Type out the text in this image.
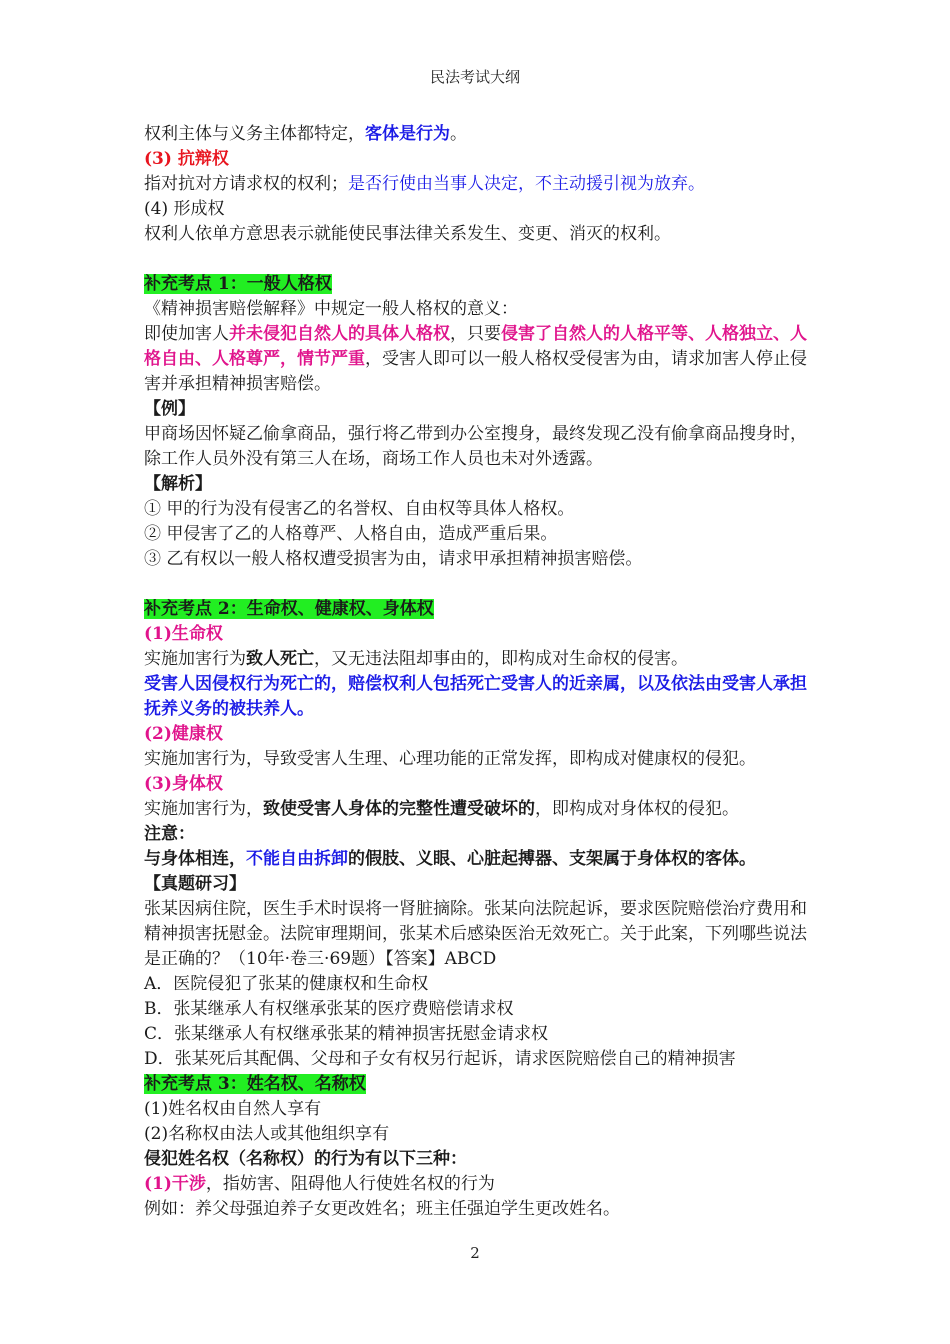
民法考试大纲
权利主体与义务主体都特定，客体是行为。
(3) 抗辩权
指对抗对方请求权的权利；是否行使由当事人决定，不主动援引视为放弃。
(4) 形成权
权利人依单方意思表示就能使民事法律关系发生、变更、消灭的权利。
补充考点 1：一般人格权
《精神损害赔偿解释》中规定一般人格权的意义：
即使加害人并未侵犯自然人的具体人格权，只要侵害了自然人的人格平等、人格独立、人格自由、人格尊严，情节严重，受害人即可以一般人格权受侵害为由，请求加害人停止侵害并承担精神损害赔偿。
【例】
甲商场因怀疑乙偷拿商品，强行将乙带到办公室搜身，最终发现乙没有偷拿商品搜身时，除工作人员外没有第三人在场，商场工作人员也未对外透露。
【解析】
① 甲的行为没有侵害乙的名誉权、自由权等具体人格权。
② 甲侵害了乙的人格尊严、人格自由，造成严重后果。
③ 乙有权以一般人格权遭受损害为由，请求甲承担精神损害赔偿。
补充考点 2：生命权、健康权、身体权
(1)生命权
实施加害行为致人死亡，又无违法阻却事由的，即构成对生命权的侵害。
受害人因侵权行为死亡的，赔偿权利人包括死亡受害人的近亲属，以及依法由受害人承担抚养义务的被扶养人。
(2)健康权
实施加害行为，导致受害人生理、心理功能的正常发挥，即构成对健康权的侵犯。
(3)身体权
实施加害行为，致使受害人身体的完整性遭受破坏的，即构成对身体权的侵犯。
注意：
与身体相连，不能自由拆卸的假肢、义眼、心脏起搏器、支架属于身体权的客体。
【真题研习】
张某因病住院，医生手术时误将一肾脏摘除。张某向法院起诉，要求医院赔偿治疗费用和精神损害抚慰金。法院审理期间，张某术后感染医治无效死亡。关于此案，下列哪些说法是正确的？（10年·卷三·69题）【答案】ABCD
A．医院侵犯了张某的健康权和生命权
B．张某继承人有权继承张某的医疗费赔偿请求权
C．张某继承人有权继承张某的精神损害抚慰金请求权
D．张某死后其配偶、父母和子女有权另行起诉，请求医院赔偿自己的精神损害
补充考点 3：姓名权、名称权
(1)姓名权由自然人享有
(2)名称权由法人或其他组织享有
侵犯姓名权（名称权）的行为有以下三种：
(1)干涉，指妨害、阻碍他人行使姓名权的行为
例如：养父母强迫养子女更改姓名；班主任强迫学生更改姓名。
2
